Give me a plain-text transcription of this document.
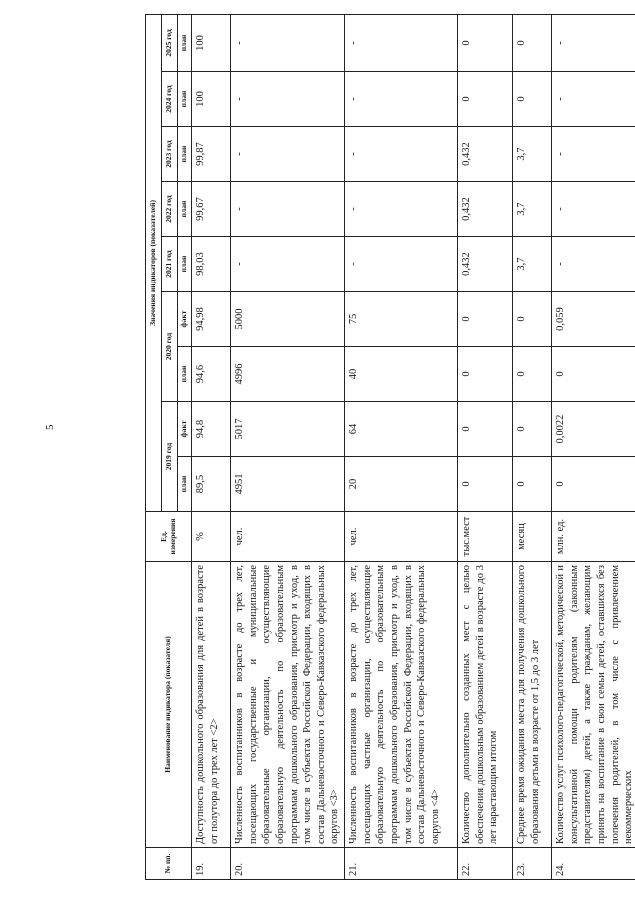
5
№ пп.	Наименование индикатора (показателя)	Ед. измерения	Значения индикаторов (показателей)								
			2019 год		2020 год		2021 год	2022 год	2023 год	2024 год	2025 год
			план	факт	план	факт	план	план	план	план	план
19.	Доступность дошкольного образования для детей в возрасте от полутора до трех лет <2>	%	89,5	94,8	94,6	94,98	98,03	99,67	99,87	100	100
20.	Численность воспитанников в возрасте до трех лет, посещающих государственные и муниципальные образовательные организации, осуществляющие образовательную деятельность по образовательным программам дошкольного образования, присмотр и уход, в том числе в субъектах Российской Федерации, входящих в состав Дальневосточного и Северо-Кавказского федеральных округов <3>	чел.	4951	5017	4996	5000	-	-	-	-	-
21.	Численность воспитанников в возрасте до трех лет, посещающих частные организации, осуществляющие образовательную деятельность по образовательным программам дошкольного образования, присмотр и уход, в том числе в субъектах Российской Федерации, входящих в состав Дальневосточного и Северо-Кавказского федеральных округов <4>	чел.	20	64	40	75	-	-	-	-	-
22.	Количество дополнительно созданных мест с целью обеспечения дошкольным образованием детей в возрасте до 3 лет нарастающим итогом	тыс.мест	0	0	0	0	0,432	0,432	0,432	0	0
23.	Среднее время ожидания места для получения дошкольного образования детьми в возрасте от 1,5 до 3 лет	месяц	0	0	0	0	3,7	3,7	3,7	0	0
24.	Количество услуг психолого-педагогической, методической и консультативной помощи родителям (законным представителям) детей, а также гражданам, желающим принять на воспитание в свои семьи детей, оставшихся без попечения родителей, в том числе с привлечением некоммерческих	млн. ед.	0	0,0022	0	0,059	-	-	-	-	-
